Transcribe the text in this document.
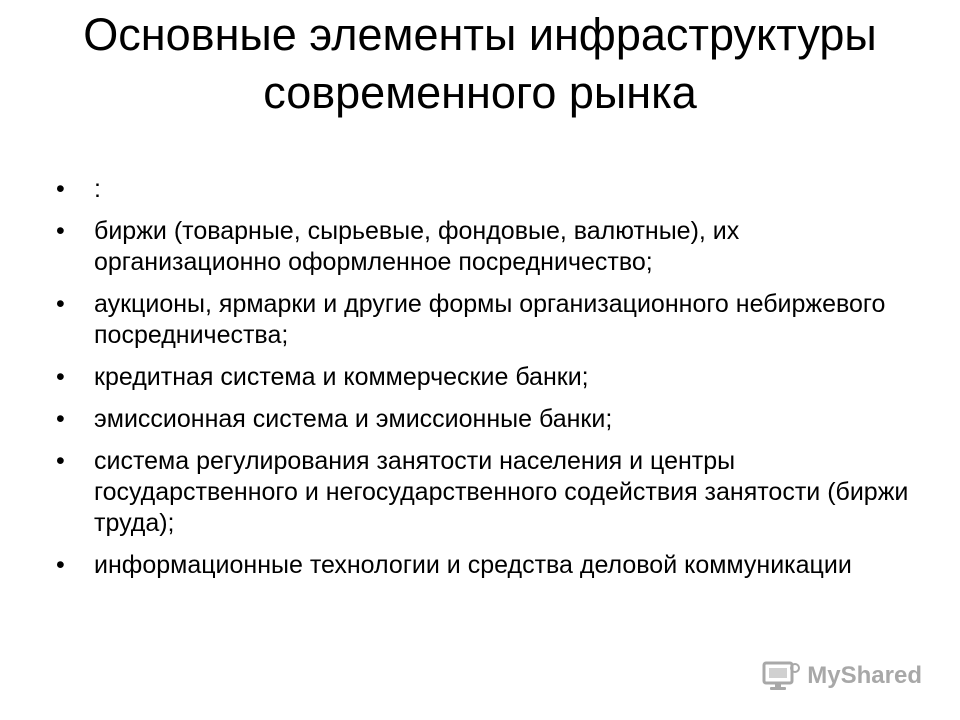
Основные элементы инфраструктуры современного рынка
•	:
•	биржи (товарные, сырьевые, фондовые, валютные), их организационно оформленное посредничество;
•	аукционы, ярмарки и другие формы организационного небиржевого посредничества;
•	кредитная система и коммерческие банки;
•	эмиссионная система и эмиссионные банки;
•	система регулирования занятости населения и центры государственного и негосударственного содействия занятости (биржи труда);
•	информационные технологии и средства деловой коммуникации
MyShared
